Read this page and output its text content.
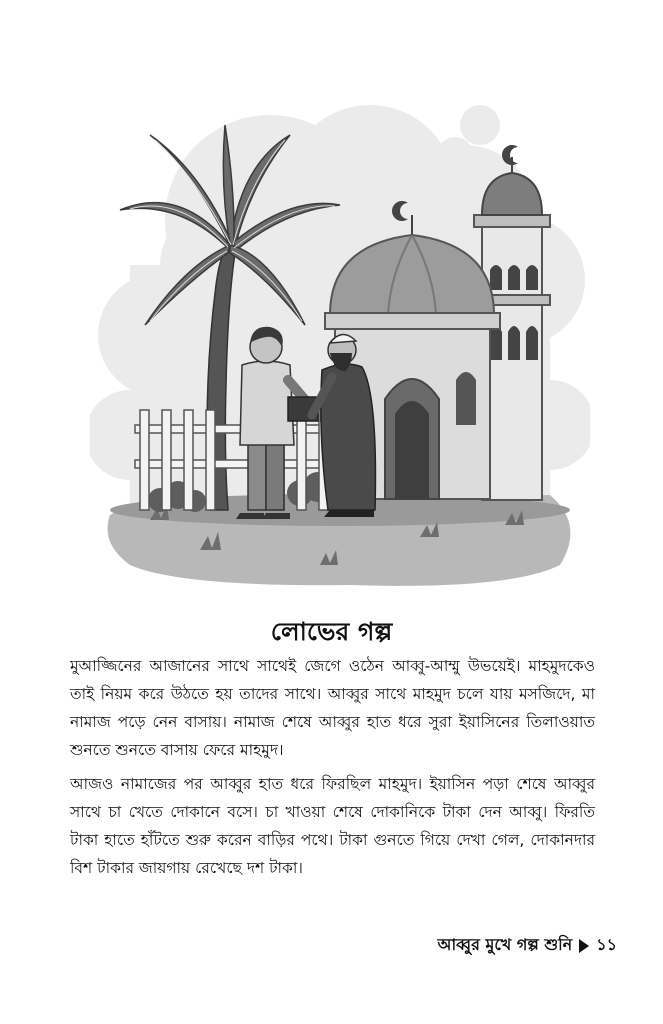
লোভের গল্প

মুআজ্জিনের আজানের সাথে সাথেই জেগে ওঠেন আব্বু-আম্মু উভয়েই। মাহমুদকেও তাই নিয়ম করে উঠতে হয় তাদের সাথে। আব্বুর সাথে মাহমুদ চলে যায় মসজিদে, মা নামাজ পড়ে নেন বাসায়। নামাজ শেষে আব্বুর হাত ধরে সুরা ইয়াসিনের তিলাওয়াত শুনতে শুনতে বাসায় ফেরে মাহমুদ।

আজও নামাজের পর আব্বুর হাত ধরে ফিরছিল মাহমুদ। ইয়াসিন পড়া শেষে আব্বুর সাথে চা খেতে দোকানে বসে। চা খাওয়া শেষে দোকানিকে টাকা দেন আব্বু। ফিরতি টাকা হাতে হাঁটতে শুরু করেন বাড়ির পথে। টাকা গুনতে গিয়ে দেখা গেল, দোকানদার বিশ টাকার জায়গায় রেখেছে দশ টাকা।

আব্বুর মুখে গল্প শুনি ১১
